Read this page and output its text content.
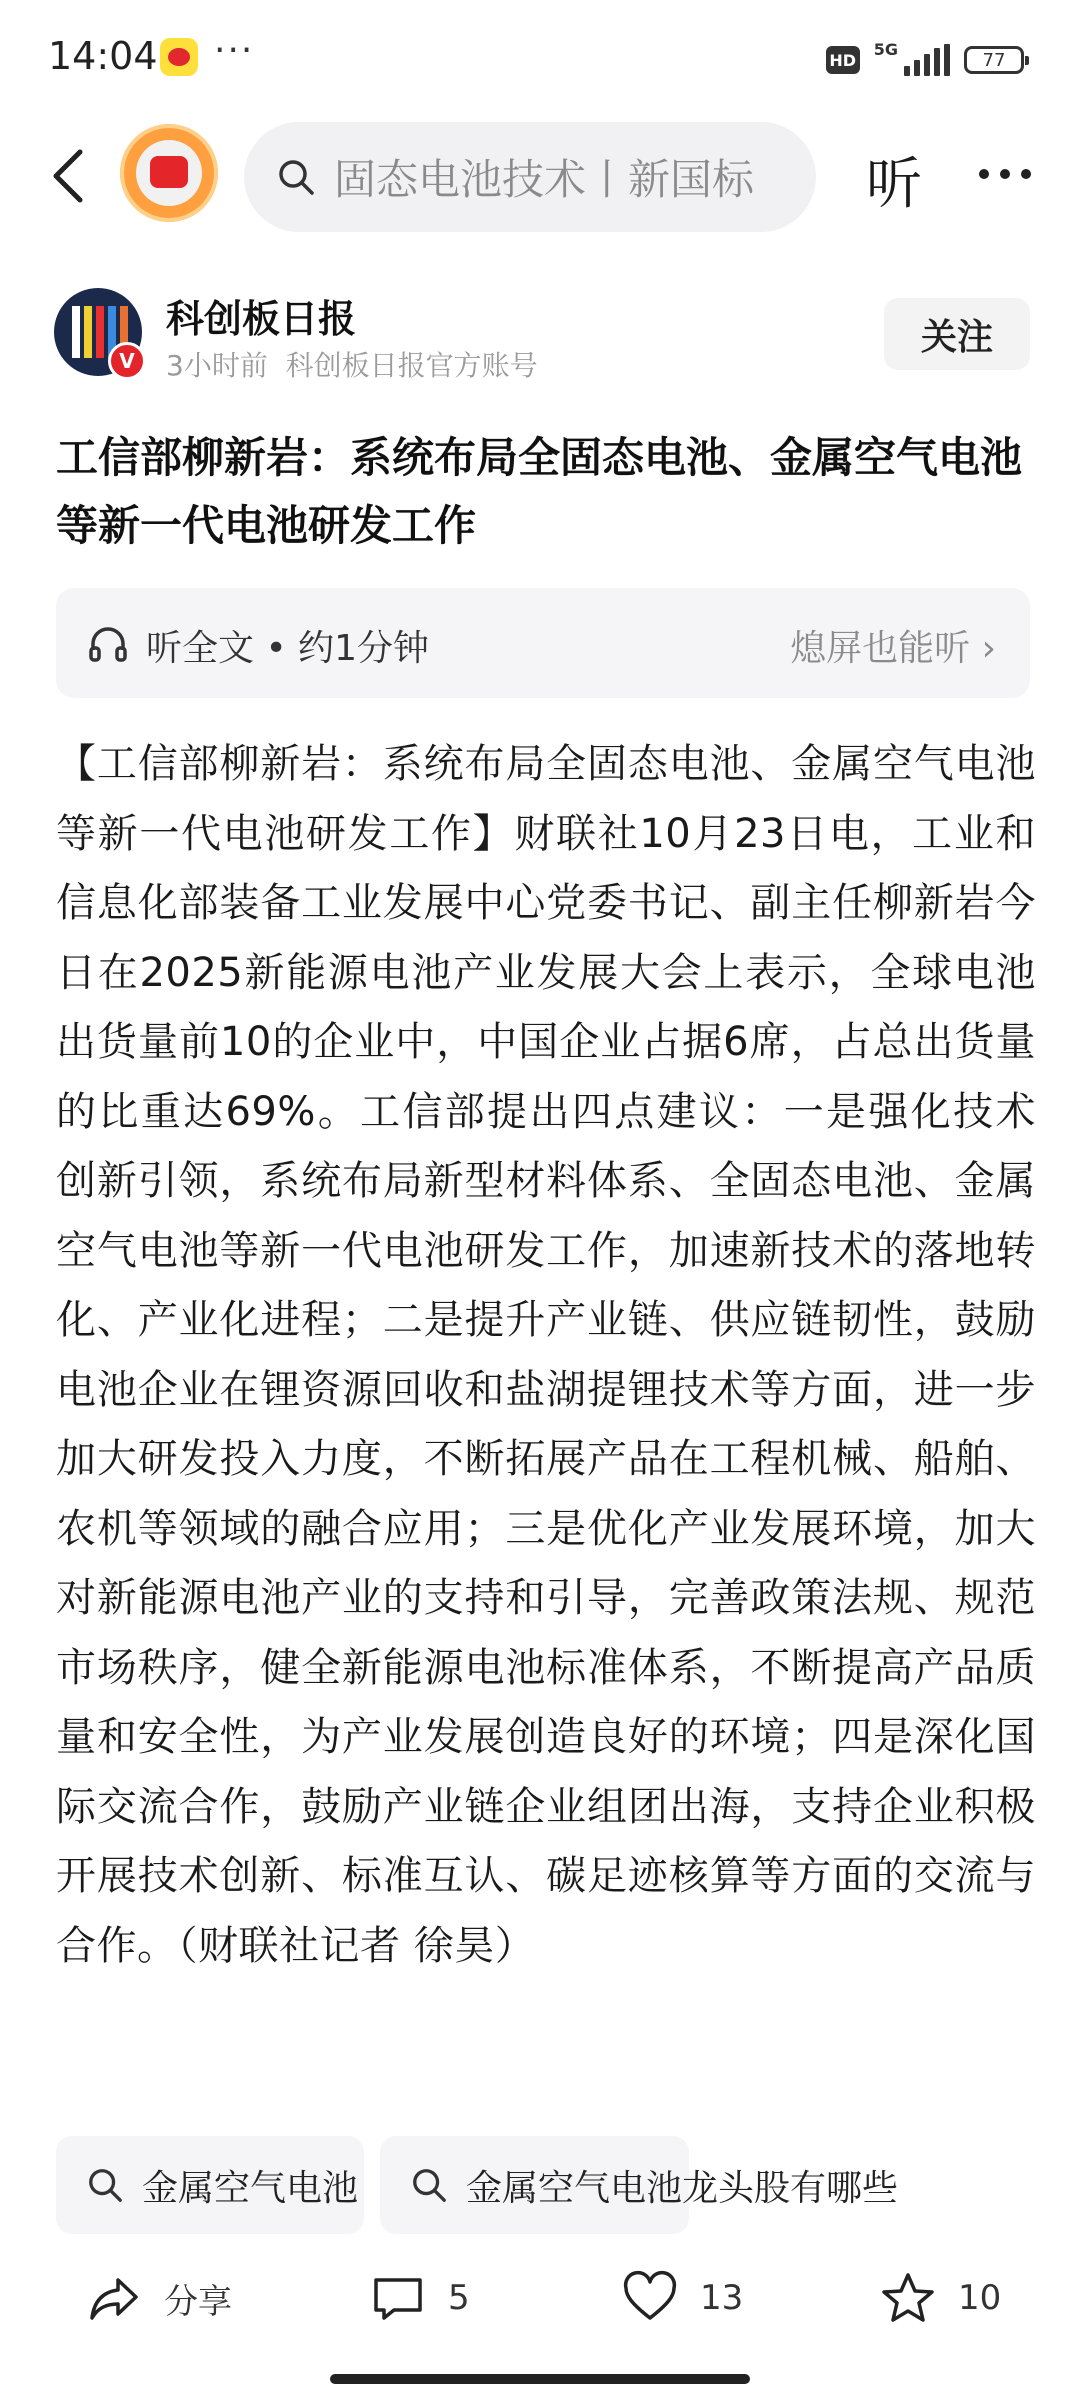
14:04 ···	HD
5G	77
固态电池技术丨新国标	听
V
科创板日报
3小时前 科创板日报官方账号
关注
工信部柳新岩：系统布局全固态电池、金属空气电池等新一代电池研发工作
听全文 • 约1分钟	熄屏也能听 ›

【工信部柳新岩：系统布局全固态电池、金属空气电池等新一代电池研发工作】财联社10月23日电，工业和信息化部装备工业发展中心党委书记、副主任柳新岩今日在2025新能源电池产业发展大会上表示，全球电池出货量前10的企业中，中国企业占据6席，占总出货量的比重达69%。工信部提出四点建议：一是强化技术创新引领，系统布局新型材料体系、全固态电池、金属空气电池等新一代电池研发工作，加速新技术的落地转化、产业化进程；二是提升产业链、供应链韧性，鼓励电池企业在锂资源回收和盐湖提锂技术等方面，进一步加大研发投入力度，不断拓展产品在工程机械、船舶、农机等领域的融合应用；三是优化产业发展环境，加大对新能源电池产业的支持和引导，完善政策法规、规范市场秩序，健全新能源电池标准体系，不断提高产品质量和安全性，为产业发展创造良好的环境；四是深化国际交流合作，鼓励产业链企业组团出海，支持企业积极开展技术创新、标准互认、碳足迹核算等方面的交流与合作。（财联社记者 徐昊）

金属空气电池	金属空气电池龙头股有哪些
分享	5	13	10
